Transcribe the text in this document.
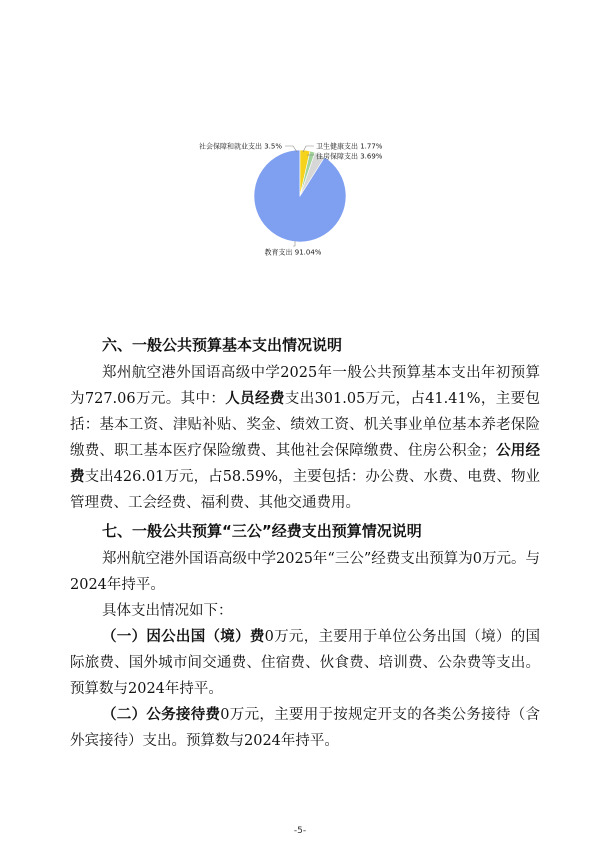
教育支出 91.04%
社会保障和就业支出 3.5%	卫生健康支出 1.77%
住房保障支出 3.69%
六、一般公共预算基本支出情况说明

郑州航空港外国语高级中学2025年一般公共预算基本支出年初预算为727.06万元。其中：人员经费支出301.05万元，占41.41%，主要包括：基本工资、津贴补贴、奖金、绩效工资、机关事业单位基本养老保险缴费、职工基本医疗保险缴费、其他社会保障缴费、住房公积金；公用经费支出426.01万元，占58.59%，主要包括：办公费、水费、电费、物业管理费、工会经费、福利费、其他交通费用。

七、一般公共预算“三公”经费支出预算情况说明

郑州航空港外国语高级中学2025年“三公”经费支出预算为0万元。与2024年持平。

具体支出情况如下：

（一）因公出国（境）费0万元，主要用于单位公务出国（境）的国际旅费、国外城市间交通费、住宿费、伙食费、培训费、公杂费等支出。预算数与2024年持平。

（二）公务接待费0万元，主要用于按规定开支的各类公务接待（含外宾接待）支出。预算数与2024年持平。

-5-
